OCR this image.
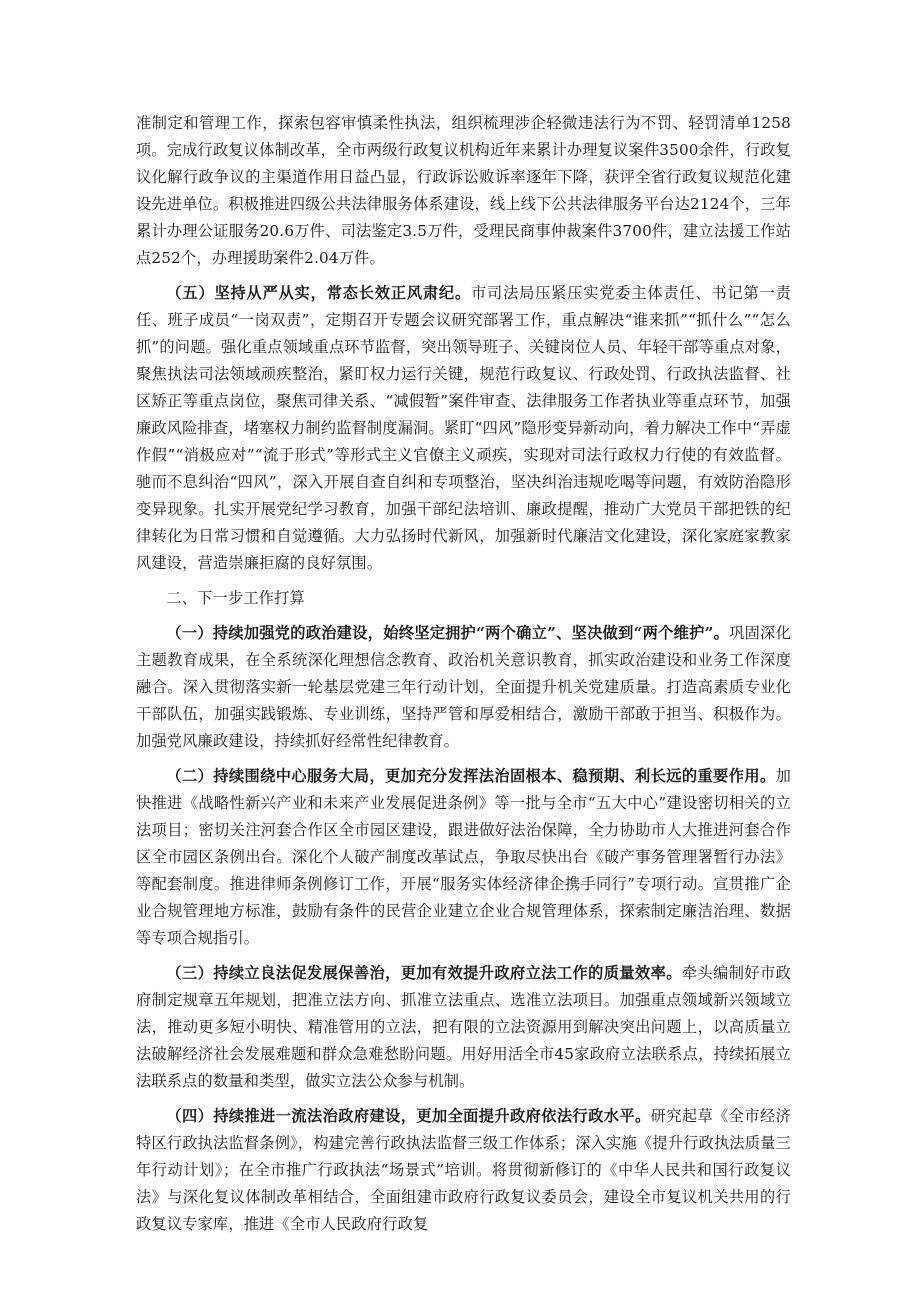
准制定和管理工作，探索包容审慎柔性执法，组织梳理涉企轻微违法行为不罚、轻罚清单1258项。完成行政复议体制改革，全市两级行政复议机构近年来累计办理复议案件3500余件，行政复议化解行政争议的主渠道作用日益凸显，行政诉讼败诉率逐年下降，获评全省行政复议规范化建设先进单位。积极推进四级公共法律服务体系建设，线上线下公共法律服务平台达2124个，三年累计办理公证服务20.6万件、司法鉴定3.5万件，受理民商事仲裁案件3700件，建立法援工作站点252个，办理援助案件2.04万件。

（五）坚持从严从实，常态长效正风肃纪。市司法局压紧压实党委主体责任、书记第一责任、班子成员“一岗双责”，定期召开专题会议研究部署工作，重点解决“谁来抓”“抓什么”“怎么抓”的问题。强化重点领域重点环节监督，突出领导班子、关键岗位人员、年轻干部等重点对象，聚焦执法司法领域顽疾整治，紧盯权力运行关键，规范行政复议、行政处罚、行政执法监督、社区矫正等重点岗位，聚焦司律关系、“减假暂”案件审查、法律服务工作者执业等重点环节，加强廉政风险排查，堵塞权力制约监督制度漏洞。紧盯“四风”隐形变异新动向，着力解决工作中“弄虚作假”“消极应对”“流于形式”等形式主义官僚主义顽疾，实现对司法行政权力行使的有效监督。驰而不息纠治“四风”，深入开展自查自纠和专项整治，坚决纠治违规吃喝等问题，有效防治隐形变异现象。扎实开展党纪学习教育，加强干部纪法培训、廉政提醒，推动广大党员干部把铁的纪律转化为日常习惯和自觉遵循。大力弘扬时代新风，加强新时代廉洁文化建设，深化家庭家教家风建设，营造崇廉拒腐的良好氛围。

二、下一步工作打算

（一）持续加强党的政治建设，始终坚定拥护“两个确立”、坚决做到“两个维护”。巩固深化主题教育成果，在全系统深化理想信念教育、政治机关意识教育，抓实政治建设和业务工作深度融合。深入贯彻落实新一轮基层党建三年行动计划，全面提升机关党建质量。打造高素质专业化干部队伍，加强实践锻炼、专业训练，坚持严管和厚爱相结合，激励干部敢于担当、积极作为。加强党风廉政建设，持续抓好经常性纪律教育。

（二）持续围绕中心服务大局，更加充分发挥法治固根本、稳预期、利长远的重要作用。加快推进《战略性新兴产业和未来产业发展促进条例》等一批与全市“五大中心”建设密切相关的立法项目；密切关注河套合作区全市园区建设，跟进做好法治保障，全力协助市人大推进河套合作区全市园区条例出台。深化个人破产制度改革试点，争取尽快出台《破产事务管理署暂行办法》等配套制度。推进律师条例修订工作，开展“服务实体经济律企携手同行”专项行动。宣贯推广企业合规管理地方标准，鼓励有条件的民营企业建立企业合规管理体系，探索制定廉洁治理、数据等专项合规指引。

（三）持续立良法促发展保善治，更加有效提升政府立法工作的质量效率。牵头编制好市政府制定规章五年规划，把准立法方向、抓准立法重点、选准立法项目。加强重点领域新兴领域立法，推动更多短小明快、精准管用的立法，把有限的立法资源用到解决突出问题上，以高质量立法破解经济社会发展难题和群众急难愁盼问题。用好用活全市45家政府立法联系点，持续拓展立法联系点的数量和类型，做实立法公众参与机制。

（四）持续推进一流法治政府建设，更加全面提升政府依法行政水平。研究起草《全市经济特区行政执法监督条例》，构建完善行政执法监督三级工作体系；深入实施《提升行政执法质量三年行动计划》；在全市推广行政执法“场景式”培训。将贯彻新修订的《中华人民共和国行政复议法》与深化复议体制改革相结合，全面组建市政府行政复议委员会，建设全市复议机关共用的行政复议专家库，推进《全市人民政府行政复
